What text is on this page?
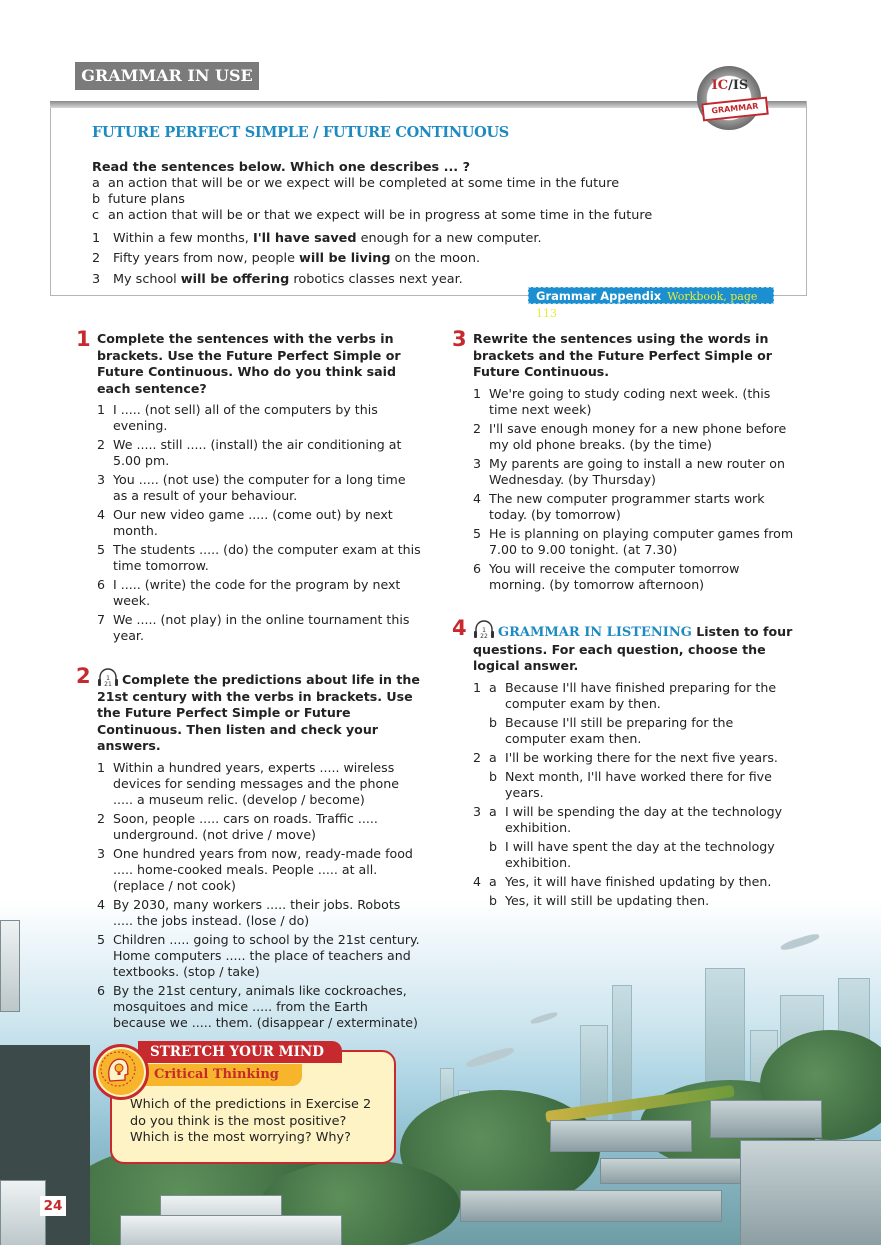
GRAMMAR IN USE
IC/IS
GRAMMAR
FUTURE PERFECT SIMPLE / FUTURE CONTINUOUS
Read the sentences below. Which one describes ... ?
a an action that will be or we expect will be completed at some time in the future
b future plans
c an action that will be or that we expect will be in progress at some time in the future
1 Within a few months, I'll have saved enough for a new computer.
2 Fifty years from now, people will be living on the moon.
3 My school will be offering robotics classes next year.
Grammar Appendix Workbook, page 113
1 Complete the sentences with the verbs in brackets. Use the Future Perfect Simple or Future Continuous. Who do you think said each sentence?
1 I ..... (not sell) all of the computers by this evening.
2 We ..... still ..... (install) the air conditioning at 5.00 pm.
3 You ..... (not use) the computer for a long time as a result of your behaviour.
4 Our new video game ..... (come out) by next month.
5 The students ..... (do) the computer exam at this time tomorrow.
6 I ..... (write) the code for the program by next week.
7 We ..... (not play) in the online tournament this year.
2	1
21 Complete the predictions about life in the 21st century with the verbs in brackets. Use the Future Perfect Simple or Future Continuous. Then listen and check your answers.
1 Within a hundred years, experts ..... wireless devices for sending messages and the phone ..... a museum relic. (develop / become)
2 Soon, people ..... cars on roads. Traffic ..... underground. (not drive / move)
3 One hundred years from now, ready-made food ..... home-cooked meals. People ..... at all. (replace / not cook)
4 By 2030, many workers ..... their jobs. Robots ..... the jobs instead. (lose / do)
5 Children ..... going to school by the 21st century. Home computers ..... the place of teachers and textbooks. (stop / take)
6 By the 21st century, animals like cockroaches, mosquitoes and mice ..... from the Earth because we ..... them. (disappear / exterminate)
3 Rewrite the sentences using the words in brackets and the Future Perfect Simple or Future Continuous.
1 We're going to study coding next week. (this time next week)
2 I'll save enough money for a new phone before my old phone breaks. (by the time)
3 My parents are going to install a new router on Wednesday. (by Thursday)
4 The new computer programmer starts work today. (by tomorrow)
5 He is planning on playing computer games from 7.00 to 9.00 tonight. (at 7.30)
6 You will receive the computer tomorrow morning. (by tomorrow afternoon)
4	1
22 GRAMMAR IN LISTENING Listen to four questions. For each question, choose the logical answer.
1 a Because I'll have finished preparing for the computer exam by then.
b Because I'll still be preparing for the computer exam then.
2 a I'll be working there for the next five years.
b Next month, I'll have worked there for five years.
3 a I will be spending the day at the technology exhibition.
b I will have spent the day at the technology exhibition.
4 a Yes, it will have finished updating by then.
b Yes, it will still be updating then.
STRETCH YOUR MIND
Critical Thinking
Which of the predictions in Exercise 2 do you think is the most positive? Which is the most worrying? Why?
24
